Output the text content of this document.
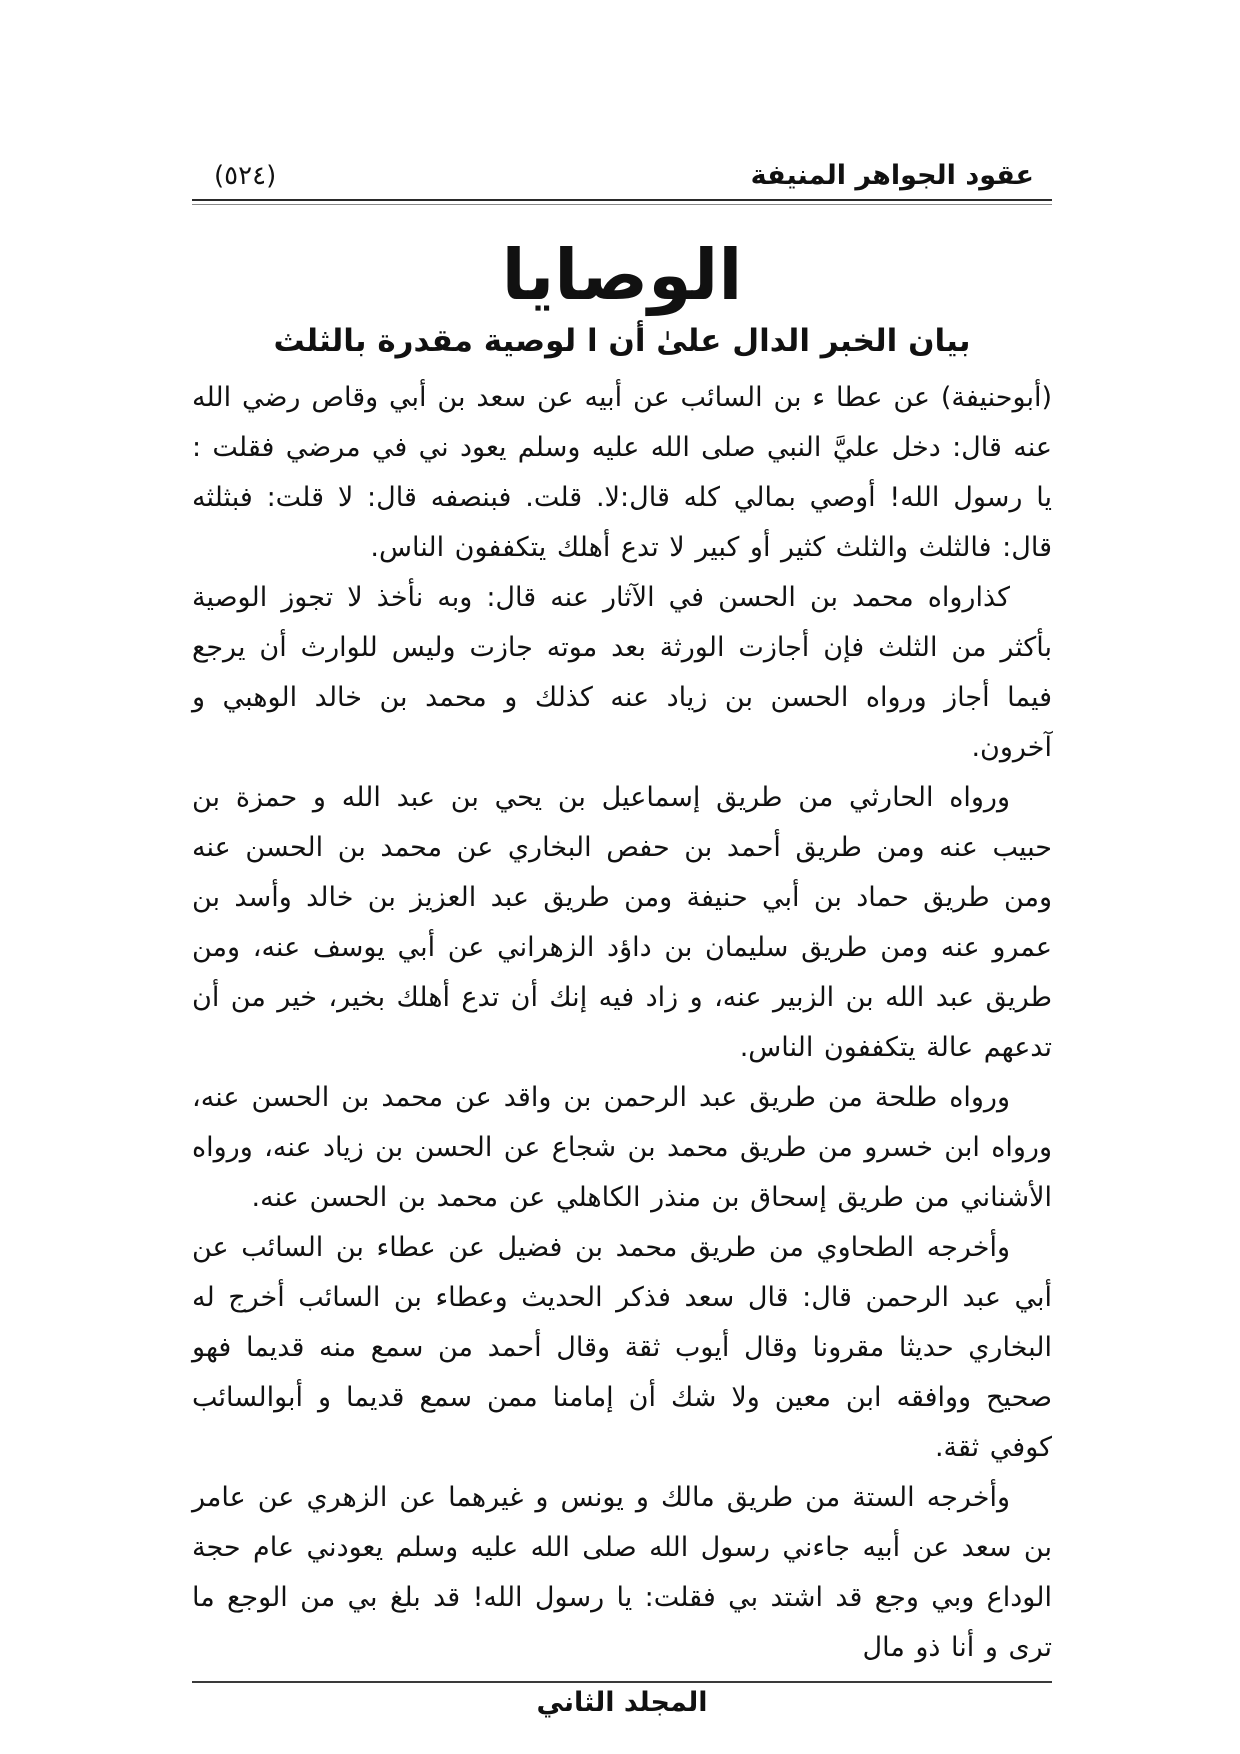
عقود الجواهر المنيفة
(٥٢٤)
الوصايا
بيان الخبر الدال علىٰ أن ا لوصية مقدرة بالثلث

(أبوحنيفة) عن عطا ء بن السائب عن أبيه عن سعد بن أبي وقاص رضي الله عنه قال: دخل عليَّ النبي صلى الله عليه وسلم يعود ني في مرضي فقلت : يا رسول الله! أوصي بمالي كله قال:لا. قلت. فبنصفه قال: لا قلت: فبثلثه قال: فالثلث والثلث كثير أو كبير لا تدع أهلك يتكففون الناس.

كذارواه محمد بن الحسن في الآثار عنه قال: وبه نأخذ لا تجوز الوصية بأكثر من الثلث فإن أجازت الورثة بعد موته جازت وليس للوارث أن يرجع فيما أجاز ورواه الحسن بن زياد عنه كذلك و محمد بن خالد الوهبي و آخرون.

ورواه الحارثي من طريق إسماعيل بن يحي بن عبد الله و حمزة بن حبيب عنه ومن طريق أحمد بن حفص البخاري عن محمد بن الحسن عنه ومن طريق حماد بن أبي حنيفة ومن طريق عبد العزيز بن خالد وأسد بن عمرو عنه ومن طريق سليمان بن داؤد الزهراني عن أبي يوسف عنه، ومن طريق عبد الله بن الزبير عنه، و زاد فيه إنك أن تدع أهلك بخير، خير من أن تدعهم عالة يتكففون الناس.

ورواه طلحة من طريق عبد الرحمن بن واقد عن محمد بن الحسن عنه، ورواه ابن خسرو من طريق محمد بن شجاع عن الحسن بن زياد عنه، ورواه الأشناني من طريق إسحاق بن منذر الكاهلي عن محمد بن الحسن عنه.

وأخرجه الطحاوي من طريق محمد بن فضيل عن عطاء بن السائب عن أبي عبد الرحمن قال: قال سعد فذكر الحديث وعطاء بن السائب أخرج له البخاري حديثا مقرونا وقال أيوب ثقة وقال أحمد من سمع منه قديما فهو صحيح ووافقه ابن معين ولا شك أن إمامنا ممن سمع قديما و أبوالسائب كوفي ثقة.

وأخرجه الستة من طريق مالك و يونس و غيرهما عن الزهري عن عامر بن سعد عن أبيه جاءني رسول الله صلى الله عليه وسلم يعودني عام حجة الوداع وبي وجع قد اشتد بي فقلت: يا رسول الله! قد بلغ بي من الوجع ما ترى و أنا ذو مال

المجلد الثاني
